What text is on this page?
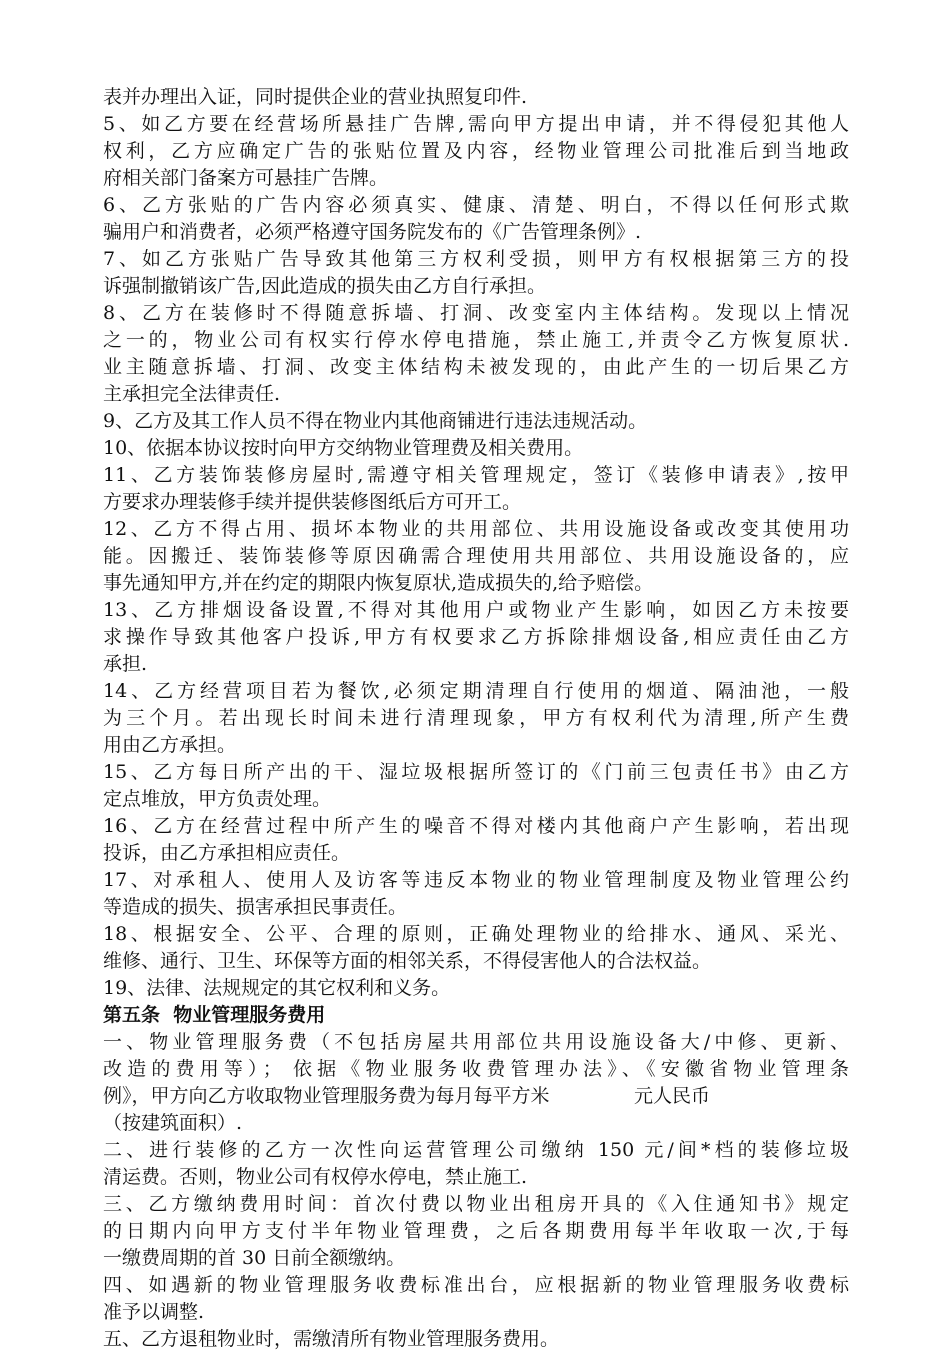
表并办理出入证，同时提供企业的营业执照复印件.
5、如乙方要在经营场所悬挂广告牌,需向甲方提出申请，并不得侵犯其他人
权利，乙方应确定广告的张贴位置及内容，经物业管理公司批准后到当地政
府相关部门备案方可悬挂广告牌。
6、乙方张贴的广告内容必须真实、健康、清楚、明白，不得以任何形式欺
骗用户和消费者，必须严格遵守国务院发布的《广告管理条例》.
7、如乙方张贴广告导致其他第三方权利受损，则甲方有权根据第三方的投
诉强制撤销该广告,因此造成的损失由乙方自行承担。
8、乙方在装修时不得随意拆墙、打洞、改变室内主体结构。发现以上情况
之一的，物业公司有权实行停水停电措施，禁止施工,并责令乙方恢复原状.
业主随意拆墙、打洞、改变主体结构未被发现的，由此产生的一切后果乙方
主承担完全法律责任.
9、乙方及其工作人员不得在物业内其他商铺进行违法违规活动。
10、依据本协议按时向甲方交纳物业管理费及相关费用。
11、乙方装饰装修房屋时,需遵守相关管理规定，签订《装修申请表》,按甲
方要求办理装修手续并提供装修图纸后方可开工。
12、乙方不得占用、损坏本物业的共用部位、共用设施设备或改变其使用功
能。因搬迁、装饰装修等原因确需合理使用共用部位、共用设施设备的，应
事先通知甲方,并在约定的期限内恢复原状,造成损失的,给予赔偿。
13、乙方排烟设备设置,不得对其他用户或物业产生影响，如因乙方未按要
求操作导致其他客户投诉,甲方有权要求乙方拆除排烟设备,相应责任由乙方
承担.
14、乙方经营项目若为餐饮,必须定期清理自行使用的烟道、隔油池，一般
为三个月。若出现长时间未进行清理现象，甲方有权利代为清理,所产生费
用由乙方承担。
15、乙方每日所产出的干、湿垃圾根据所签订的《门前三包责任书》由乙方
定点堆放，甲方负责处理。
16、乙方在经营过程中所产生的噪音不得对楼内其他商户产生影响，若出现
投诉，由乙方承担相应责任。
17、对承租人、使用人及访客等违反本物业的物业管理制度及物业管理公约
等造成的损失、损害承担民事责任。
18、根据安全、公平、合理的原则，正确处理物业的给排水、通风、采光、
维修、通行、卫生、环保等方面的相邻关系，不得侵害他人的合法权益。
19、法律、法规规定的其它权利和义务。
第五条  物业管理服务费用
一、物业管理服务费（不包括房屋共用部位共用设施设备大/中修、更新、
改造的费用等）； 依据《物业服务收费管理办法》、《安徽省物业管理条
例》，甲方向乙方收取物业管理服务费为每月每平方米              元人民币
（按建筑面积）.
二、进行装修的乙方一次性向运营管理公司缴纳 150 元/间*档的装修垃圾
清运费。否则，物业公司有权停水停电，禁止施工.
三、乙方缴纳费用时间：首次付费以物业出租房开具的《入住通知书》规定
的日期内向甲方支付半年物业管理费，之后各期费用每半年收取一次,于每
一缴费周期的首 30 日前全额缴纳。
四、如遇新的物业管理服务收费标准出台，应根据新的物业管理服务收费标
准予以调整.
五、乙方退租物业时，需缴清所有物业管理服务费用。
